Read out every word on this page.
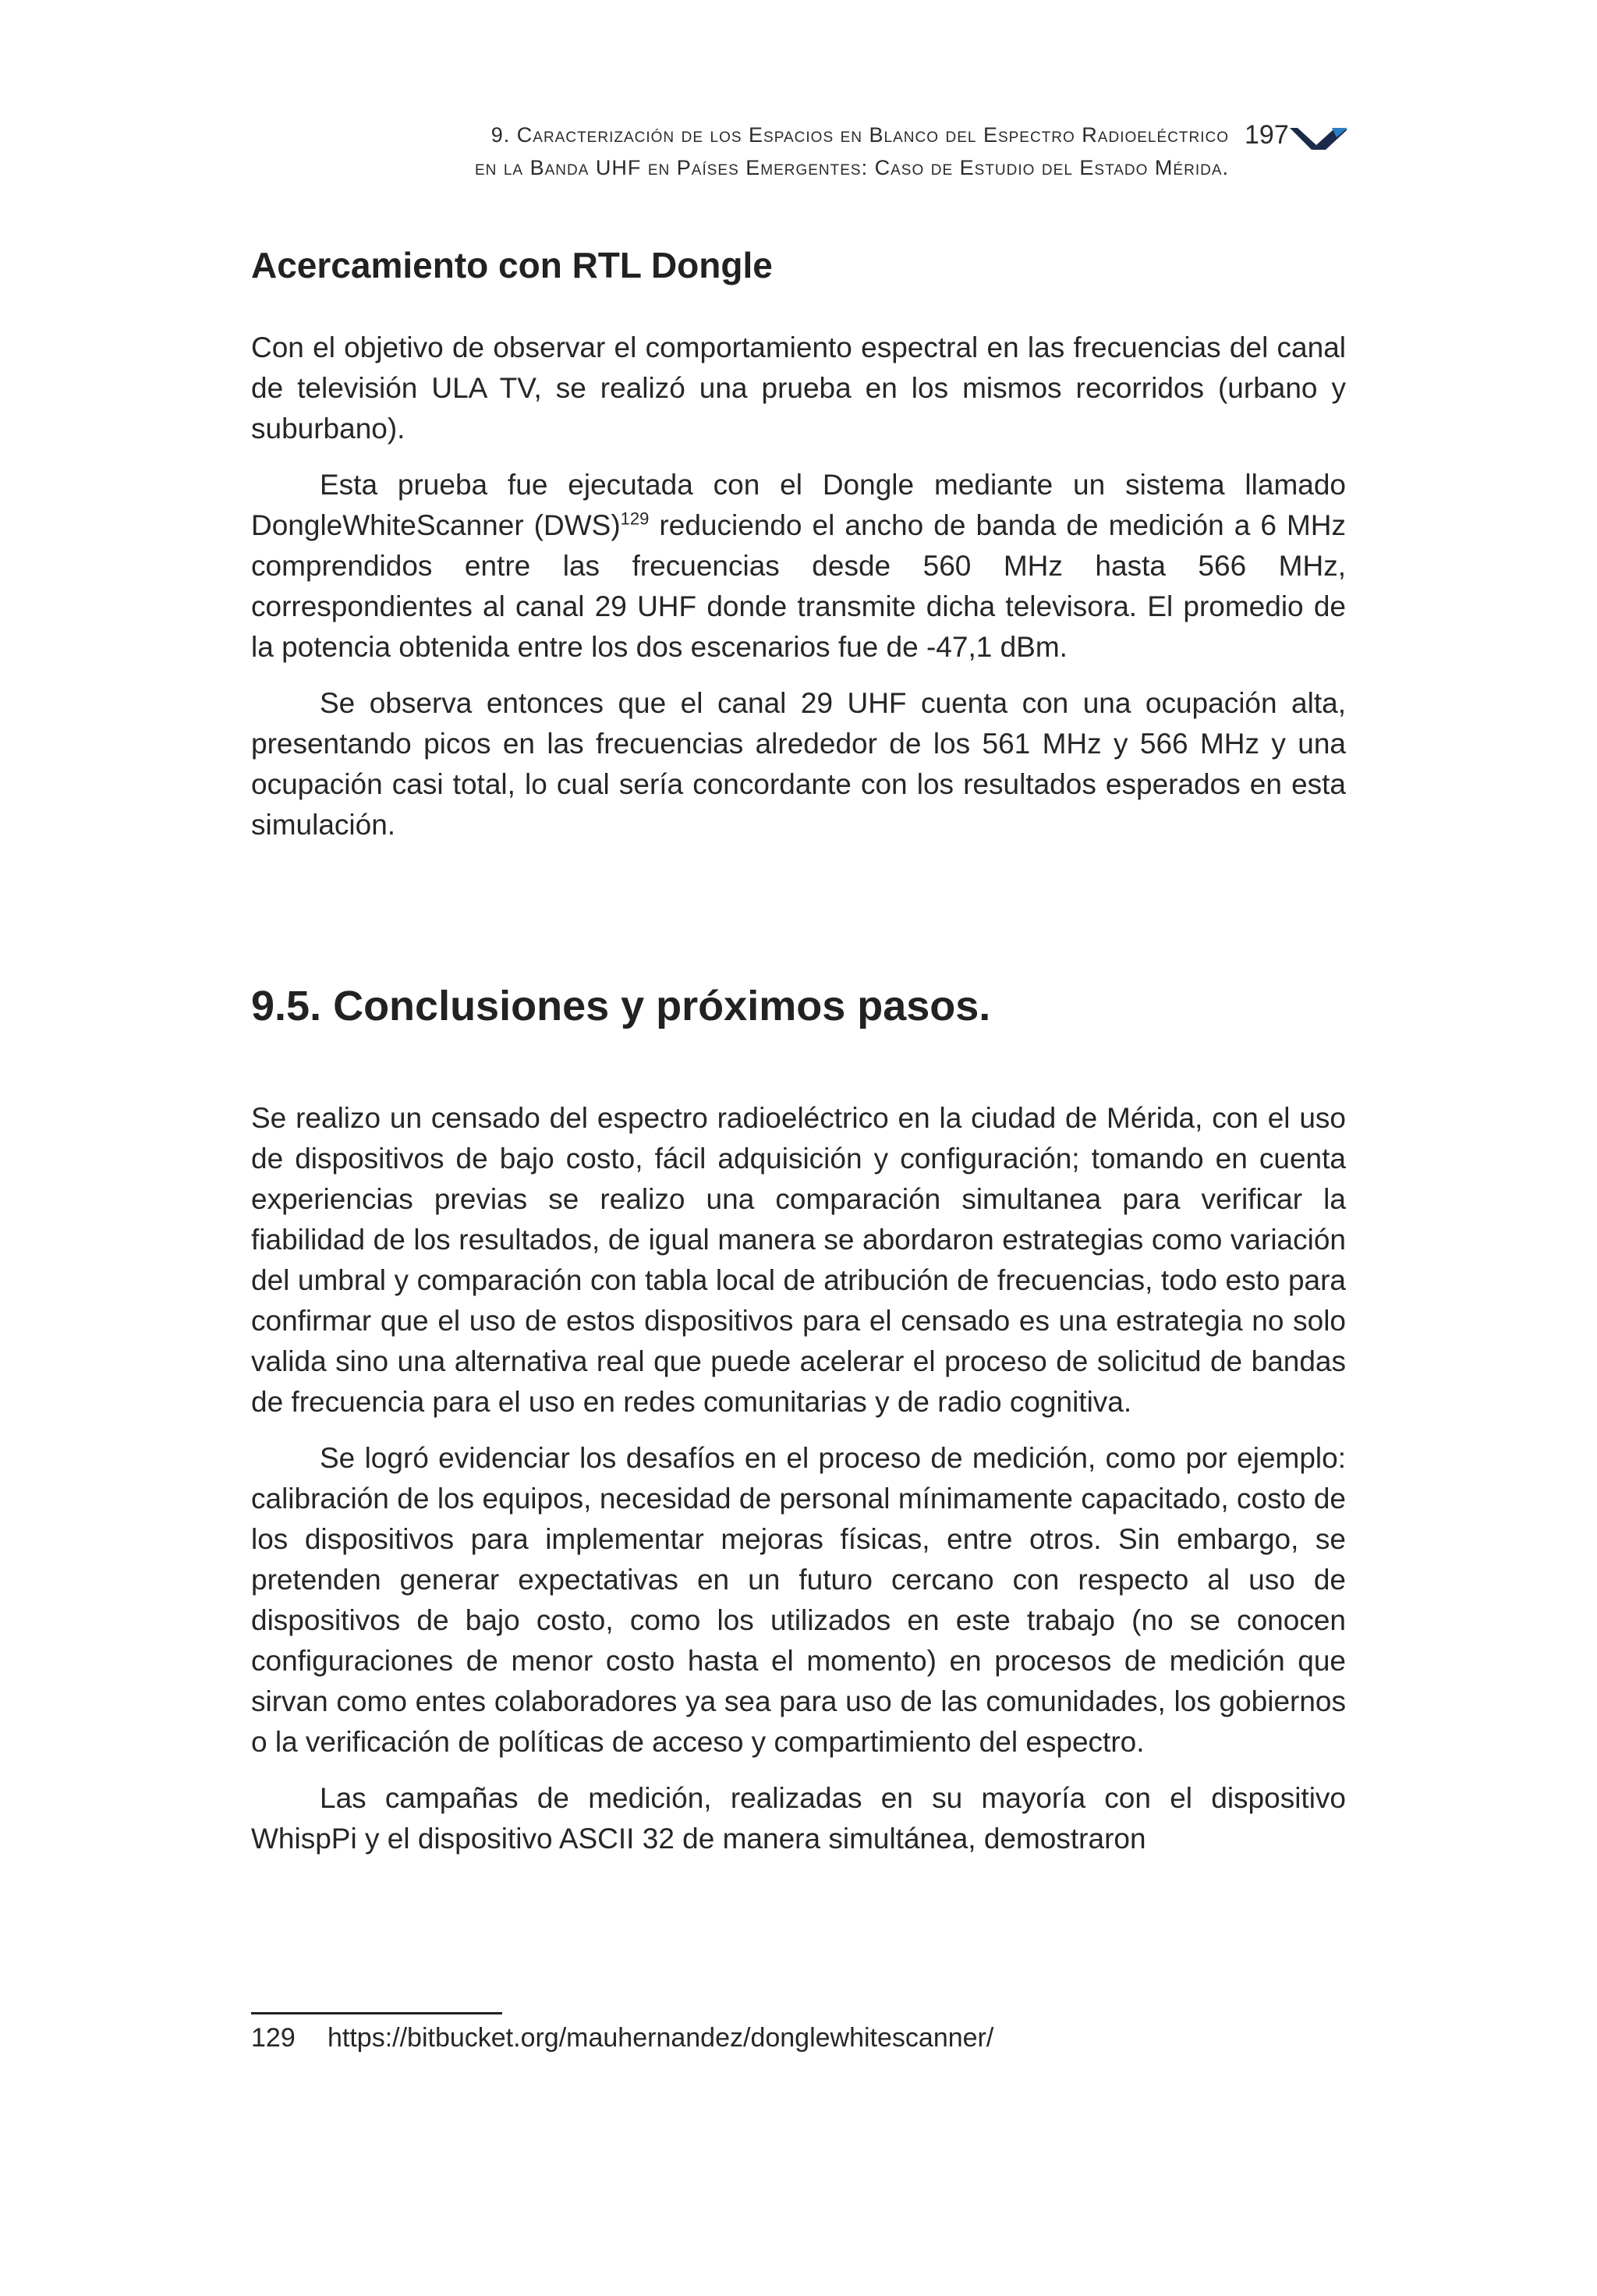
9. Caracterización de los Espacios en Blanco del Espectro Radioeléctrico
en la Banda UHF en Países Emergentes: Caso de Estudio del Estado Mérida.
197
Acercamiento con RTL Dongle

Con el objetivo de observar el comportamiento espectral en las frecuencias del canal de televisión ULA TV, se realizó una prueba en los mismos recorridos (urbano y suburbano).

Esta prueba fue ejecutada con el Dongle mediante un sistema llamado DongleWhiteScanner (DWS)$^{129}$ reduciendo el ancho de banda de medición a 6 MHz comprendidos entre las frecuencias desde 560 MHz hasta 566 MHz, correspondientes al canal 29 UHF donde transmite dicha televisora. El promedio de la potencia obtenida entre los dos escenarios fue de -47,1 dBm.

Se observa entonces que el canal 29 UHF cuenta con una ocupación alta, presentando picos en las frecuencias alrededor de los 561 MHz y 566 MHz y una ocupación casi total, lo cual sería concordante con los resultados esperados en esta simulación.

9.5. Conclusiones y próximos pasos.

Se realizo un censado del espectro radioeléctrico en la ciudad de Mérida, con el uso de dispositivos de bajo costo, fácil adquisición y configuración; tomando en cuenta experiencias previas se realizo una comparación simultanea para verificar la fiabilidad de los resultados, de igual manera se abordaron estrategias como variación del umbral y comparación con tabla local de atribución de frecuencias, todo esto para confirmar que el uso de estos dispositivos para el censado es una estrategia no solo valida sino una alternativa real que puede acelerar el proceso de solicitud de bandas de frecuencia para el uso en redes comunitarias y de radio cognitiva.

Se logró evidenciar los desafíos en el proceso de medición, como por ejemplo: calibración de los equipos, necesidad de personal mínimamente capacitado, costo de los dispositivos para implementar mejoras físicas, entre otros. Sin embargo, se pretenden generar expectativas en un futuro cercano con respecto al uso de dispositivos de bajo costo, como los utilizados en este trabajo (no se conocen configuraciones de menor costo hasta el momento) en procesos de medición que sirvan como entes colaboradores ya sea para uso de las comunidades, los gobiernos o la verificación de políticas de acceso y compartimiento del espectro.

Las campañas de medición, realizadas en su mayoría con el dispositivo WhispPi y el dispositivo ASCII 32 de manera simultánea, demostraron

129 https://bitbucket.org/mauhernandez/donglewhitescanner/
